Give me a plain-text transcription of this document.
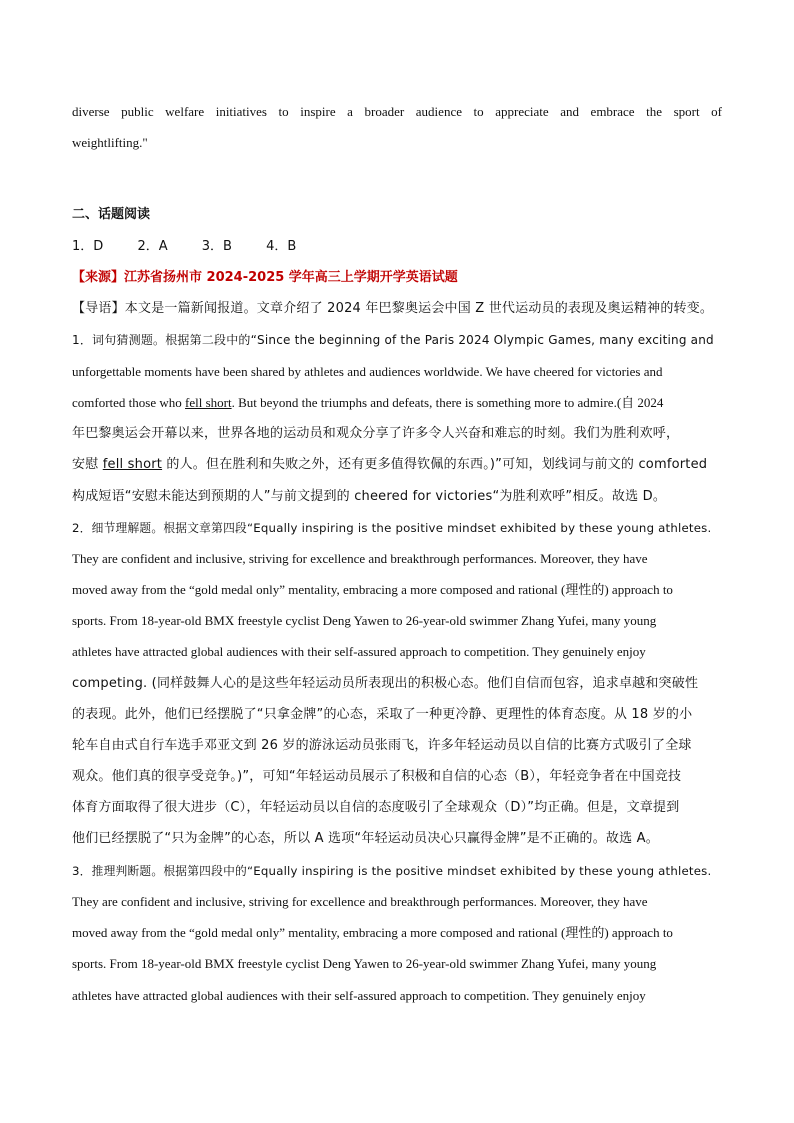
diverse public welfare initiatives to inspire a broader audience to appreciate and embrace the sport of
weightlifting."
二、话题阅读
1．D	2．A	3．B	4．B
【来源】江苏省扬州市 2024-2025 学年高三上学期开学英语试题
【导语】本文是一篇新闻报道。文章介绍了 2024 年巴黎奥运会中国 Z 世代运动员的表现及奥运精神的转变。
1．词句猜测题。根据第二段中的“Since the beginning of the Paris 2024 Olympic Games, many exciting and
unforgettable moments have been shared by athletes and audiences worldwide. We have cheered for victories and
comforted those who fell short. But beyond the triumphs and defeats, there is something more to admire.(自 2024
年巴黎奥运会开幕以来，世界各地的运动员和观众分享了许多令人兴奋和难忘的时刻。我们为胜利欢呼，
安慰 fell short 的人。但在胜利和失败之外，还有更多值得钦佩的东西。)”可知，划线词与前文的 comforted
构成短语“安慰未能达到预期的人”与前文提到的 cheered for victories“为胜利欢呼”相反。故选 D。
2．细节理解题。根据文章第四段“Equally inspiring is the positive mindset exhibited by these young athletes.
They are confident and inclusive, striving for excellence and breakthrough performances. Moreover, they have
moved away from the “gold medal only” mentality, embracing a more composed and rational (理性的) approach to
sports. From 18-year-old BMX freestyle cyclist Deng Yawen to 26-year-old swimmer Zhang Yufei, many young
athletes have attracted global audiences with their self-assured approach to competition. They genuinely enjoy
competing. (同样鼓舞人心的是这些年轻运动员所表现出的积极心态。他们自信而包容，追求卓越和突破性
的表现。此外，他们已经摆脱了“只拿金牌”的心态，采取了一种更冷静、更理性的体育态度。从 18 岁的小
轮车自由式自行车选手邓亚文到 26 岁的游泳运动员张雨飞，许多年轻运动员以自信的比赛方式吸引了全球
观众。他们真的很享受竞争。)”，可知“年轻运动员展示了积极和自信的心态（B），年轻竞争者在中国竞技
体育方面取得了很大进步（C），年轻运动员以自信的态度吸引了全球观众（D）”均正确。但是，文章提到
他们已经摆脱了“只为金牌”的心态，所以 A 选项“年轻运动员决心只赢得金牌”是不正确的。故选 A。
3．推理判断题。根据第四段中的“Equally inspiring is the positive mindset exhibited by these young athletes.
They are confident and inclusive, striving for excellence and breakthrough performances. Moreover, they have
moved away from the “gold medal only” mentality, embracing a more composed and rational (理性的) approach to
sports. From 18-year-old BMX freestyle cyclist Deng Yawen to 26-year-old swimmer Zhang Yufei, many young
athletes have attracted global audiences with their self-assured approach to competition. They genuinely enjoy
